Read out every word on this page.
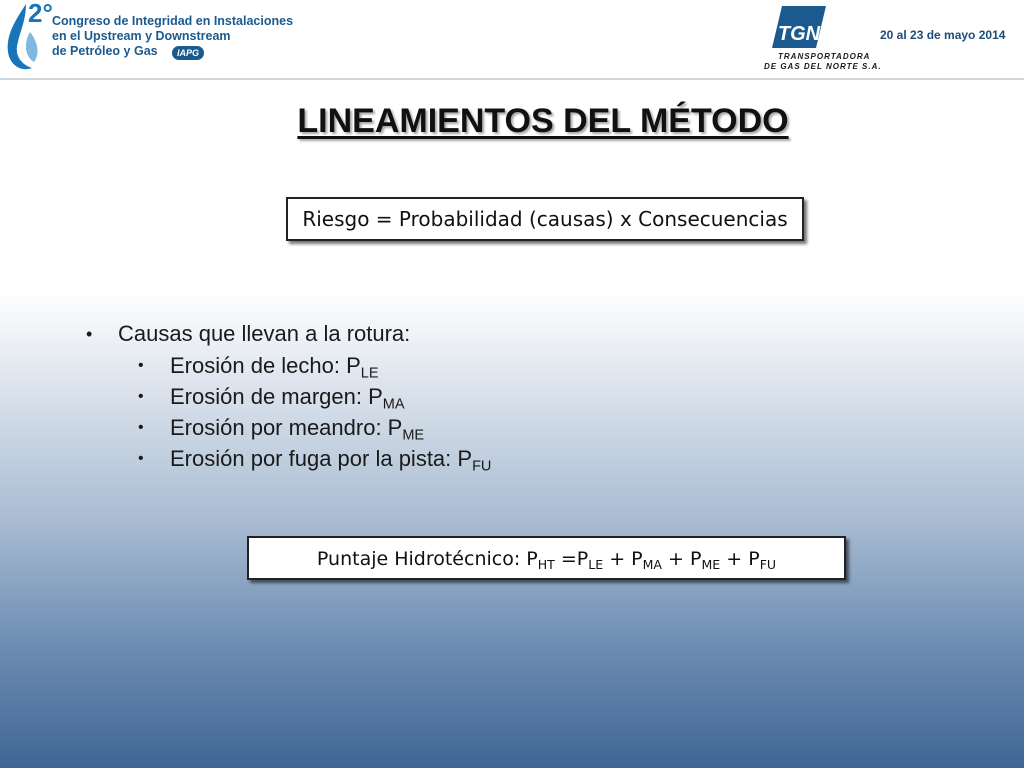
2° Congreso de Integridad en Instalaciones
en el Upstream y Downstream
de Petróleo y Gas	IAPG
TGN
TRANSPORTADORA
DE GAS DEL NORTE S.A.
20 al 23 de mayo 2014
LINEAMIENTOS DEL MÉTODO
Riesgo = Probabilidad (causas) x Consecuencias
• Causas que llevan a la rotura:
• Erosión de lecho: $P_{LE}$
• Erosión de margen: $P_{MA}$
• Erosión por meandro: $P_{ME}$
• Erosión por fuga por la pista: $P_{FU}$
Puntaje Hidrotécnico: $P_{HT} =P_{LE} + P_{MA} + P_{ME} + P_{FU}$
